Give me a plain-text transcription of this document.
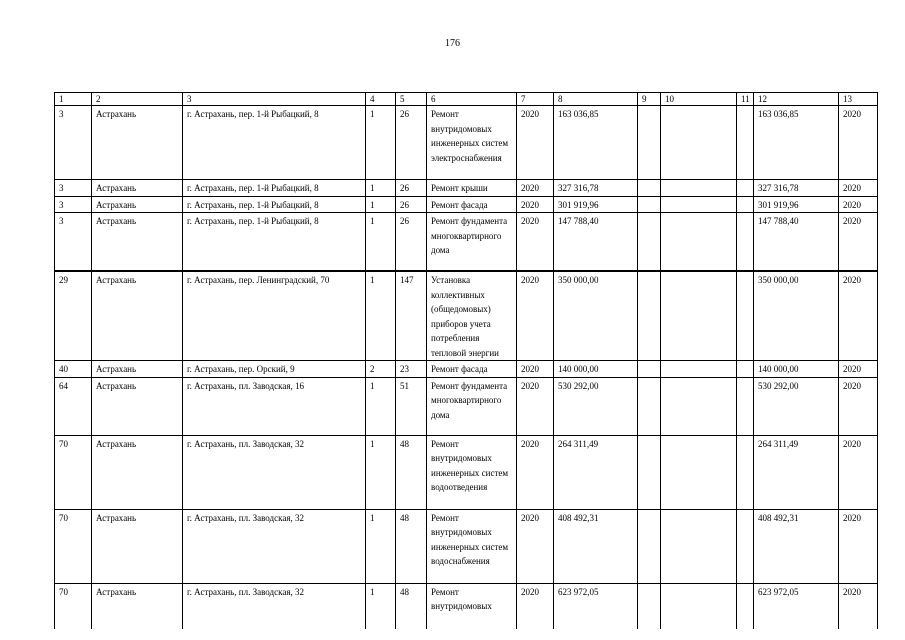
176
1	2	3	4	5	6	7	8	9	10	11	12	13
3	Астрахань	г. Астрахань, пер. 1-й Рыбацкий, 8	1	26	Ремонт внутридомовых инженерных систем электроснабжения	2020	163 036,85				163 036,85	2020
3	Астрахань	г. Астрахань, пер. 1-й Рыбацкий, 8	1	26	Ремонт крыши	2020	327 316,78				327 316,78	2020
3	Астрахань	г. Астрахань, пер. 1-й Рыбацкий, 8	1	26	Ремонт фасада	2020	301 919,96				301 919,96	2020
3	Астрахань	г. Астрахань, пер. 1-й Рыбацкий, 8	1	26	Ремонт фундамента многоквартирного дома	2020	147 788,40				147 788,40	2020
29	Астрахань	г. Астрахань, пер. Ленинградский, 70	1	147	Установка коллективных (общедомовых) приборов учета потребления тепловой энергии	2020	350 000,00				350 000,00	2020
40	Астрахань	г. Астрахань, пер. Орский, 9	2	23	Ремонт фасада	2020	140 000,00				140 000,00	2020
64	Астрахань	г. Астрахань, пл. Заводская, 16	1	51	Ремонт фундамента многоквартирного дома	2020	530 292,00				530 292,00	2020
70	Астрахань	г. Астрахань, пл. Заводская, 32	1	48	Ремонт внутридомовых инженерных систем водоотведения	2020	264 311,49				264 311,49	2020
70	Астрахань	г. Астрахань, пл. Заводская, 32	1	48	Ремонт внутридомовых инженерных систем водоснабжения	2020	408 492,31				408 492,31	2020
70	Астрахань	г. Астрахань, пл. Заводская, 32	1	48	Ремонт внутридомовых	2020	623 972,05				623 972,05	2020
